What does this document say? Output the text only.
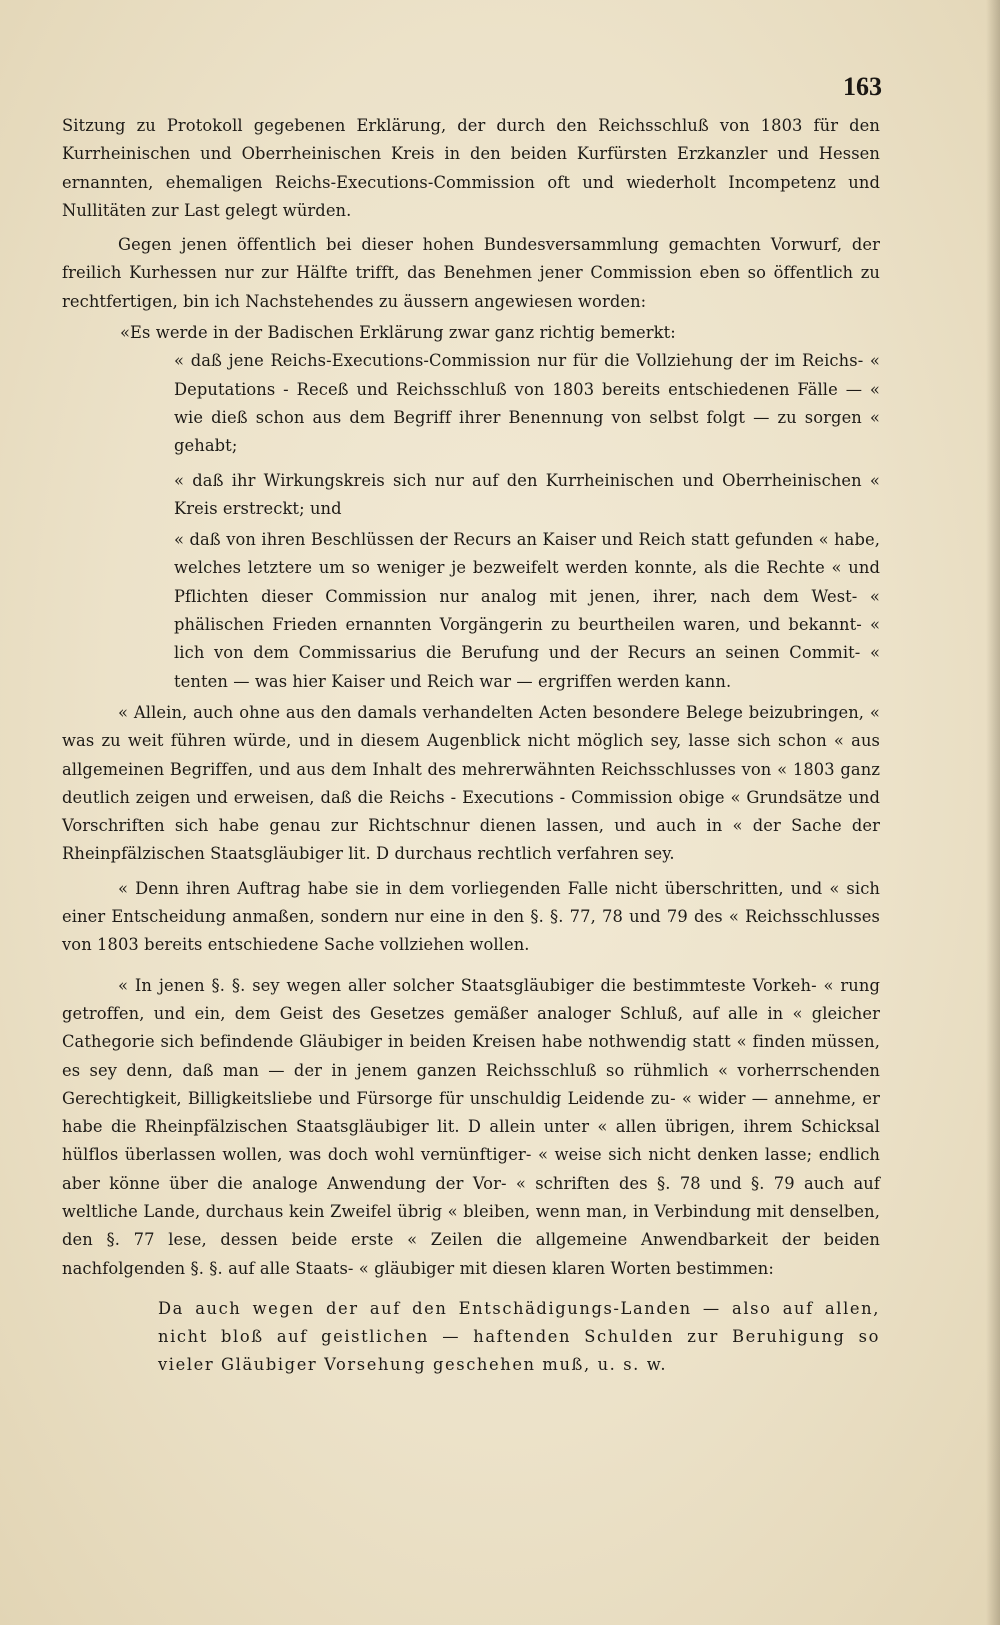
163

Sitzung zu Protokoll gegebenen Erklärung, der durch den Reichsschluß von 1803 für den Kurrheinischen und Oberrheinischen Kreis in den beiden Kurfürsten Erzkanzler und Hessen ernannten, ehemaligen Reichs-Executions-Commission oft und wiederholt Incompetenz und Nullitäten zur Last gelegt würden.

Gegen jenen öffentlich bei dieser hohen Bundesversammlung gemachten Vorwurf, der freilich Kurhessen nur zur Hälfte trifft, das Benehmen jener Commission eben so öffentlich zu rechtfertigen, bin ich Nachstehendes zu äussern angewiesen worden:

«Es werde in der Badischen Erklärung zwar ganz richtig bemerkt:

« daß jene Reichs-Executions-Commission nur für die Vollziehung der im Reichs- « Deputations - Receß und Reichsschluß von 1803 bereits entschiedenen Fälle — « wie dieß schon aus dem Begriff ihrer Benennung von selbst folgt — zu sorgen « gehabt;

« daß ihr Wirkungskreis sich nur auf den Kurrheinischen und Oberrheinischen « Kreis erstreckt; und

« daß von ihren Beschlüssen der Recurs an Kaiser und Reich statt gefunden « habe, welches letztere um so weniger je bezweifelt werden konnte, als die Rechte « und Pflichten dieser Commission nur analog mit jenen, ihrer, nach dem West- « phälischen Frieden ernannten Vorgängerin zu beurtheilen waren, und bekannt- « lich von dem Commissarius die Berufung und der Recurs an seinen Commit- « tenten — was hier Kaiser und Reich war — ergriffen werden kann.

« Allein, auch ohne aus den damals verhandelten Acten besondere Belege beizubringen, « was zu weit führen würde, und in diesem Augenblick nicht möglich sey, lasse sich schon « aus allgemeinen Begriffen, und aus dem Inhalt des mehrerwähnten Reichsschlusses von « 1803 ganz deutlich zeigen und erweisen, daß die Reichs - Executions - Commission obige « Grundsätze und Vorschriften sich habe genau zur Richtschnur dienen lassen, und auch in « der Sache der Rheinpfälzischen Staatsgläubiger lit. D durchaus rechtlich verfahren sey.

« Denn ihren Auftrag habe sie in dem vorliegenden Falle nicht überschritten, und « sich einer Entscheidung anmaßen, sondern nur eine in den §. §. 77, 78 und 79 des « Reichsschlusses von 1803 bereits entschiedene Sache vollziehen wollen.

« In jenen §. §. sey wegen aller solcher Staatsgläubiger die bestimmteste Vorkeh- « rung getroffen, und ein, dem Geist des Gesetzes gemäßer analoger Schluß, auf alle in « gleicher Cathegorie sich befindende Gläubiger in beiden Kreisen habe nothwendig statt « finden müssen, es sey denn, daß man — der in jenem ganzen Reichsschluß so rühmlich « vorherrschenden Gerechtigkeit, Billigkeitsliebe und Fürsorge für unschuldig Leidende zu- « wider — annehme, er habe die Rheinpfälzischen Staatsgläubiger lit. D allein unter « allen übrigen, ihrem Schicksal hülflos überlassen wollen, was doch wohl vernünftiger- « weise sich nicht denken lasse; endlich aber könne über die analoge Anwendung der Vor- « schriften des §. 78 und §. 79 auch auf weltliche Lande, durchaus kein Zweifel übrig « bleiben, wenn man, in Verbindung mit denselben, den §. 77 lese, dessen beide erste « Zeilen die allgemeine Anwendbarkeit der beiden nachfolgenden §. §. auf alle Staats- « gläubiger mit diesen klaren Worten bestimmen:

Da auch wegen der auf den Entschädigungs-Landen — also auf allen, nicht bloß auf geistlichen — haftenden Schulden zur Beruhigung so vieler Gläubiger Vorsehung geschehen muß, u. s. w.
